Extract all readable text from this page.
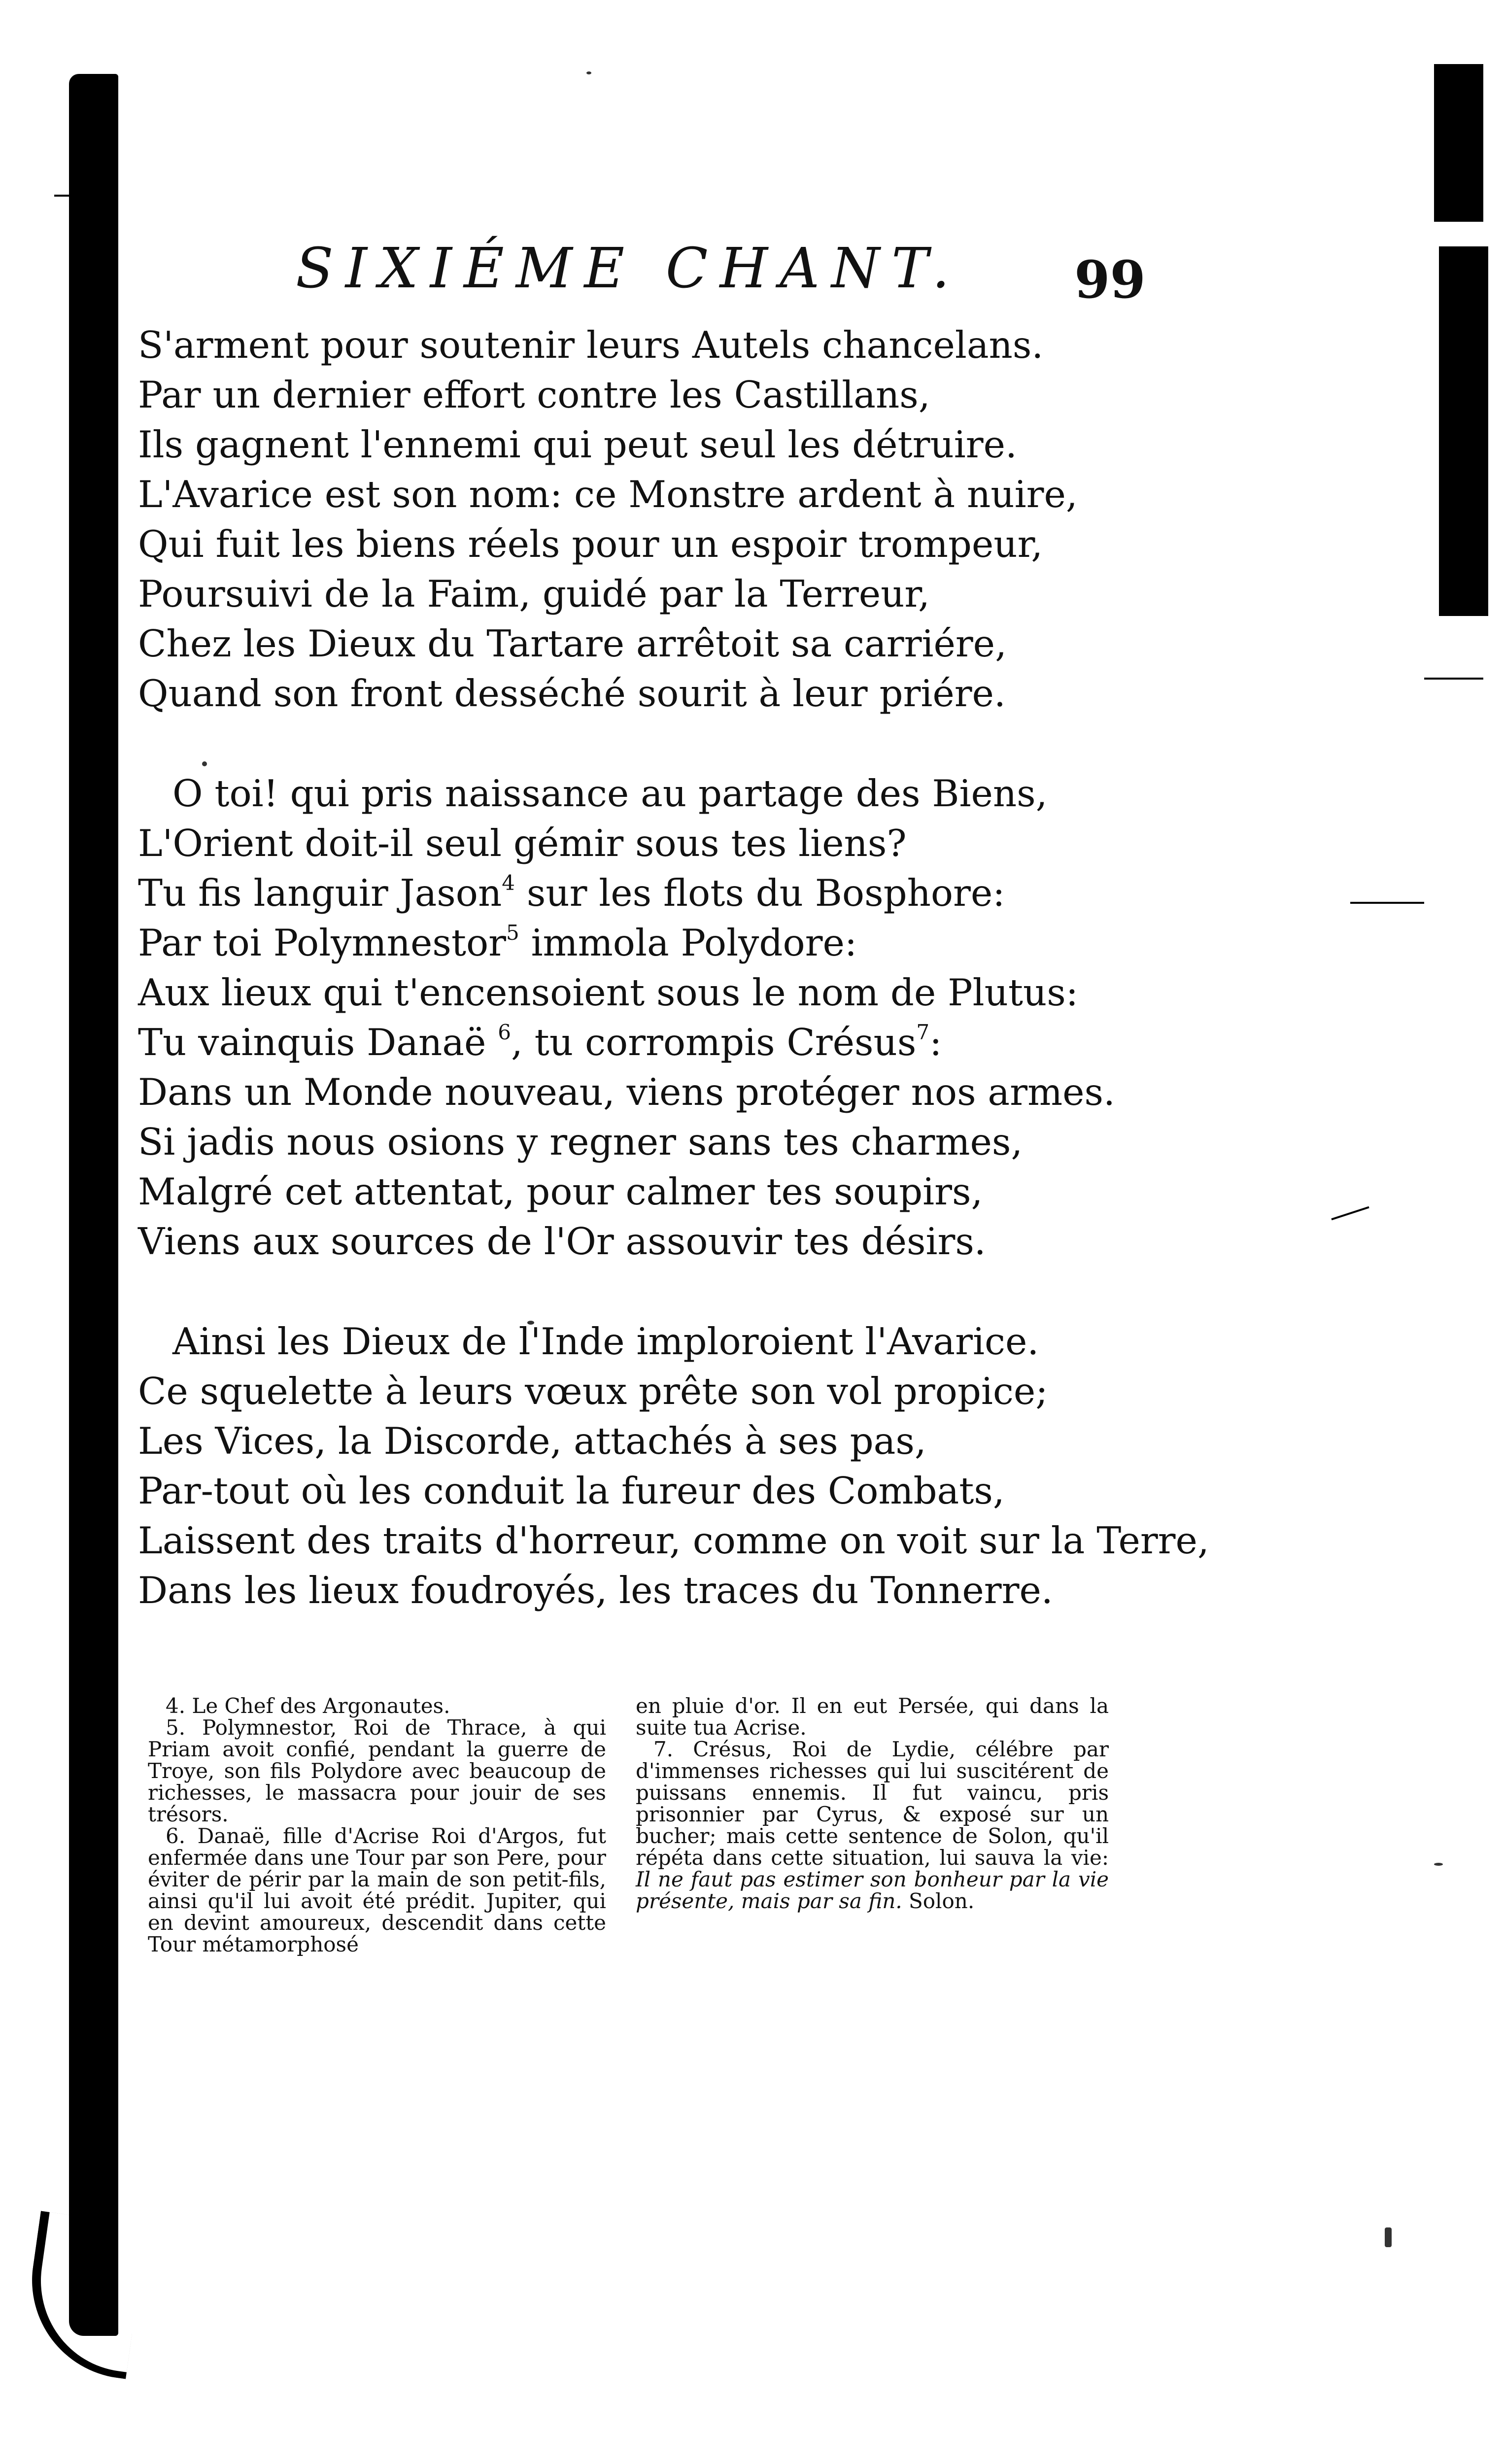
SIXIÉME CHANT. 99
S'arment pour soutenir leurs Autels chancelans.
Par un dernier effort contre les Castillans,
Ils gagnent l'ennemi qui peut seul les détruire.
L'Avarice est son nom: ce Monstre ardent à nuire,
Qui fuit les biens réels pour un espoir trompeur,
Poursuivi de la Faim, guidé par la Terreur,
Chez les Dieux du Tartare arrêtoit sa carriére,
Quand son front desséché sourit à leur priére.
O toi! qui pris naissance au partage des Biens,
L'Orient doit-il seul gémir sous tes liens?
Tu fis languir Jason$^4$ sur les flots du Bosphore:
Par toi Polymnestor$^5$ immola Polydore:
Aux lieux qui t'encensoient sous le nom de Plutus:
Tu vainquis Danaë $^6$, tu corrompis Crésus$^7$:
Dans un Monde nouveau, viens protéger nos armes.
Si jadis nous osions y regner sans tes charmes,
Malgré cet attentat, pour calmer tes soupirs,
Viens aux sources de l'Or assouvir tes désirs.
Ainsi les Dieux de l'Inde imploroient l'Avarice.
Ce squelette à leurs vœux prête son vol propice;
Les Vices, la Discorde, attachés à ses pas,
Par-tout où les conduit la fureur des Combats,
Laissent des traits d'horreur, comme on voit sur la Terre,
Dans les lieux foudroyés, les traces du Tonnerre.

4. Le Chef des Argonautes.

5. Polymnestor, Roi de Thrace, à qui Priam avoit confié, pendant la guerre de Troye, son fils Polydore avec beaucoup de richesses, le massacra pour jouir de ses trésors.

6. Danaë, fille d'Acrise Roi d'Argos, fut enfermée dans une Tour par son Pere, pour éviter de périr par la main de son petit-fils, ainsi qu'il lui avoit été prédit. Jupiter, qui en devint amoureux, descendit dans cette Tour métamorphosé

en pluie d'or. Il en eut Persée, qui dans la suite tua Acrise.

7. Crésus, Roi de Lydie, célébre par d'immenses richesses qui lui suscitérent de puissans ennemis. Il fut vaincu, pris prisonnier par Cyrus, & exposé sur un bucher; mais cette sentence de Solon, qu'il répéta dans cette situation, lui sauva la vie: Il ne faut pas estimer son bonheur par la vie présente, mais par sa fin. Solon.
